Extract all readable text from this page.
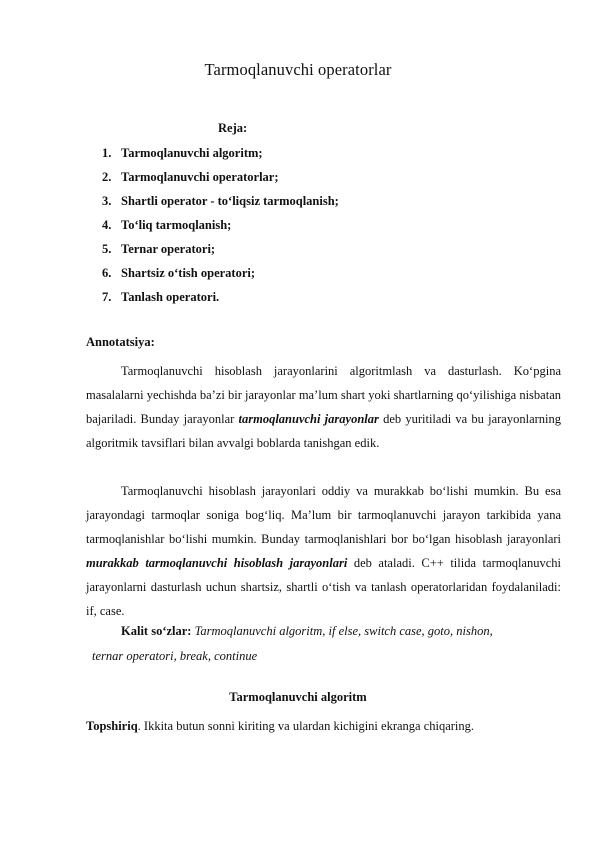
Tarmoqlanuvchi operatorlar
Reja:
1. Tarmoqlanuvchi algoritm;
2. Tarmoqlanuvchi operatorlar;
3. Shartli operator - to‘liqsiz tarmoqlanish;
4. To‘liq tarmoqlanish;
5. Ternar operatori;
6. Shartsiz o‘tish operatori;
7. Tanlash operatori.
Annotatsiya:

Tarmoqlanuvchi hisoblash jarayonlarini algoritmlash va dasturlash. Ko‘pgina masalalarni yechishda ba’zi bir jarayonlar ma’lum shart yoki shartlarning qo‘yilishiga nisbatan bajariladi. Bunday jarayonlar tarmoqlanuvchi jarayonlar deb yuritiladi va bu jarayonlarning algoritmik tavsiflari bilan avvalgi boblarda tanishgan edik.

Tarmoqlanuvchi hisoblash jarayonlari oddiy va murakkab bo‘lishi mumkin. Bu esa jarayondagi tarmoqlar soniga bog‘liq. Ma’lum bir tarmoqlanuvchi jarayon tarkibida yana tarmoqlanishlar bo‘lishi mumkin. Bunday tarmoqlanishlari bor bo‘lgan hisoblash jarayonlari murakkab tarmoqlanuvchi hisoblash jarayonlari deb ataladi. C++ tilida tarmoqlanuvchi jarayonlarni dasturlash uchun shartsiz, shartli o‘tish va tanlash operatorlaridan foydalaniladi: if, case.

Kalit so‘zlar: Tarmoqlanuvchi algoritm, if else, switch case, goto, nishon,
ternar operatori, break, continue
Tarmoqlanuvchi algoritm
Topshiriq. Ikkita butun sonni kiriting va ulardan kichigini ekranga chiqaring.
